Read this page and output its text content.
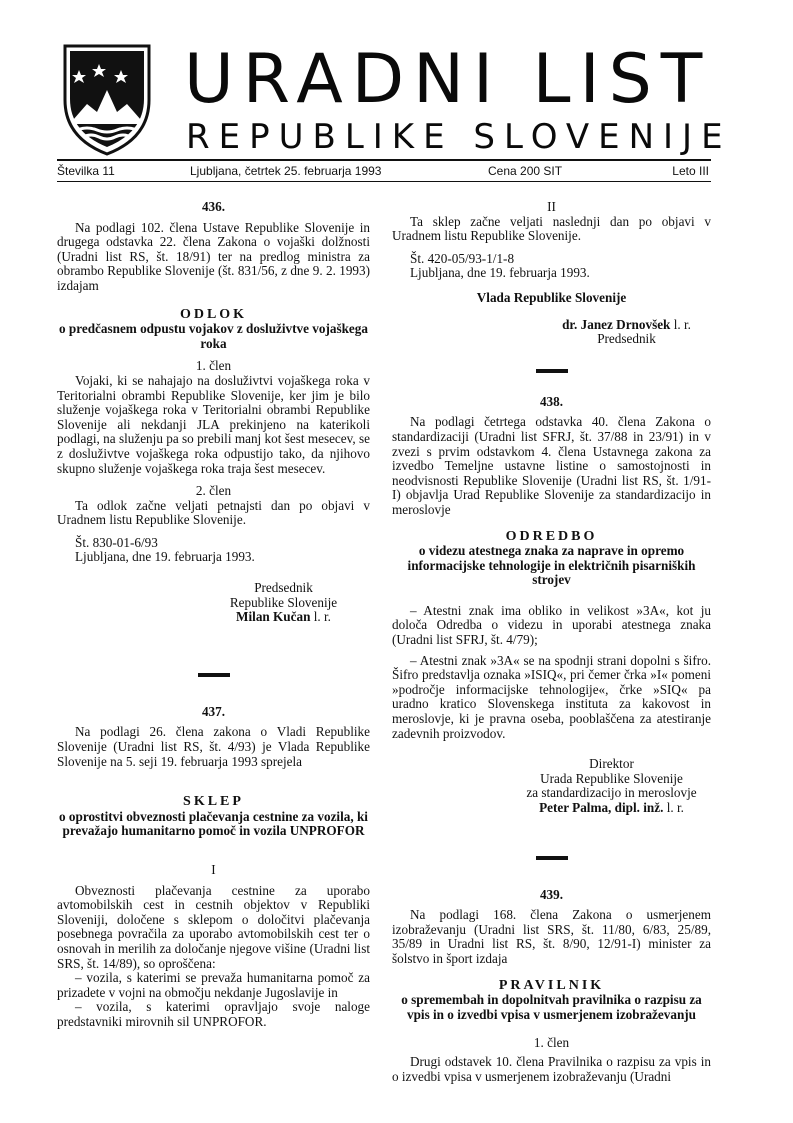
URADNI LIST
REPUBLIKE SLOVENIJE
Številka 11	Ljubljana, četrtek 25. februarja 1993	Cena 200 SIT	Leto III

436.

Na podlagi 102. člena Ustave Republike Slovenije in drugega odstavka 22. člena Zakona o vojaški dolžnosti (Uradni list RS, št. 18/91) ter na predlog ministra za obrambo Republike Slovenije (št. 831/56, z dne 9. 2. 1993) izdajam

ODLOK

o predčasnem odpustu vojakov z dosluživtve vojaškega roka

1. člen

Vojaki, ki se nahajajo na dosluživtvi vojaškega roka v Teritorialni obrambi Republike Slovenije, ker jim je bilo služenje vojaškega roka v Teritorialni obrambi Republike Slovenije ali nekdanji JLA prekinjeno na katerikoli podlagi, na služenju pa so prebili manj kot šest mesecev, se z dosluživtve vojaškega roka odpustijo tako, da njihovo skupno služenje vojaškega roka traja šest mesecev.

2. člen

Ta odlok začne veljati petnajsti dan po objavi v Uradnem listu Republike Slovenije.

Št. 830-01-6/93

Ljubljana, dne 19. februarja 1993.

Predsednik

Republike Slovenije

Milan Kučan l. r.

437.

Na podlagi 26. člena zakona o Vladi Republike Slovenije (Uradni list RS, št. 4/93) je Vlada Republike Slovenije na 5. seji 19. februarja 1993 sprejela

SKLEP

o oprostitvi obveznosti plačevanja cestnine za vozila, ki prevažajo humanitarno pomoč in vozila UNPROFOR

I

Obveznosti plačevanja cestnine za uporabo avtomobilskih cest in cestnih objektov v Republiki Sloveniji, določene s sklepom o določitvi plačevanja posebnega povračila za uporabo avtomobilskih cest ter o osnovah in merilih za določanje njegove višine (Uradni list SRS, št. 14/89), so oproščena:

– vozila, s katerimi se prevaža humanitarna pomoč za prizadete v vojni na območju nekdanje Jugoslavije in

– vozila, s katerimi opravljajo svoje naloge predstavniki mirovnih sil UNPROFOR.

II

Ta sklep začne veljati naslednji dan po objavi v Uradnem listu Republike Slovenije.

Št. 420-05/93-1/1-8

Ljubljana, dne 19. februarja 1993.

Vlada Republike Slovenije

dr. Janez Drnovšek l. r.

Predsednik

438.

Na podlagi četrtega odstavka 40. člena Zakona o standardizaciji (Uradni list SFRJ, št. 37/88 in 23/91) in v zvezi s prvim odstavkom 4. člena Ustavnega zakona za izvedbo Temeljne ustavne listine o samostojnosti in neodvisnosti Republike Slovenije (Uradni list RS, št. 1/91-I) objavlja Urad Republike Slovenije za standardizacijo in meroslovje

ODREDBO

o videzu atestnega znaka za naprave in opremo informacijske tehnologije in električnih pisarniških strojev

– Atestni znak ima obliko in velikost »3A«, kot ju določa Odredba o videzu in uporabi atestnega znaka (Uradni list SFRJ, št. 4/79);

– Atestni znak »3A« se na spodnji strani dopolni s šifro. Šifro predstavlja oznaka »ISIQ«, pri čemer črka »I« pomeni »področje informacijske tehnologije«, črke »SIQ« pa uradno kratico Slovenskega instituta za kakovost in meroslovje, ki je pravna oseba, pooblaščena za atestiranje zadevnih proizvodov.

Direktor

Urada Republike Slovenije

za standardizacijo in meroslovje

Peter Palma, dipl. inž. l. r.

439.

Na podlagi 168. člena Zakona o usmerjenem izobraževanju (Uradni list SRS, št. 11/80, 6/83, 25/89, 35/89 in Uradni list RS, št. 8/90, 12/91-I) minister za šolstvo in šport izdaja

PRAVILNIK

o spremembah in dopolnitvah pravilnika o razpisu za vpis in o izvedbi vpisa v usmerjenem izobraževanju

1. člen

Drugi odstavek 10. člena Pravilnika o razpisu za vpis in o izvedbi vpisa v usmerjenem izobraževanju (Uradni
